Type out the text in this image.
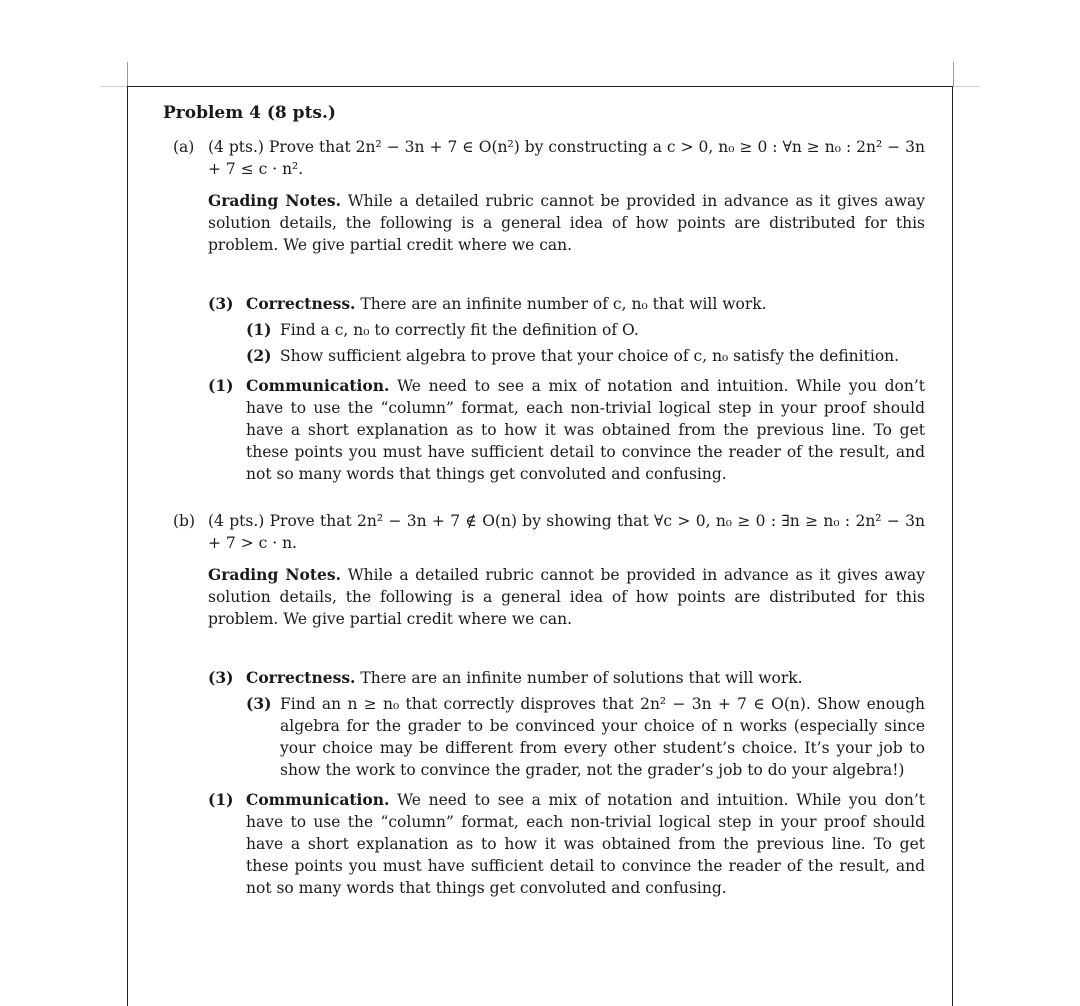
Problem 4 (8 pts.)
(a) (4 pts.) Prove that 2n² − 3n + 7 ∈ O(n²) by constructing a c > 0, n₀ ≥ 0 : ∀n ≥ n₀ : 2n² − 3n + 7 ≤ c · n².

Grading Notes. While a detailed rubric cannot be provided in advance as it gives away solution details, the following is a general idea of how points are distributed for this problem. We give partial credit where we can.

(3) Correctness. There are an infinite number of c, n₀ that will work.
(1) Find a c, n₀ to correctly fit the definition of O.
(2) Show sufficient algebra to prove that your choice of c, n₀ satisfy the definition.
(1) Communication. We need to see a mix of notation and intuition. While you don’t have to use the “column” format, each non-trivial logical step in your proof should have a short explanation as to how it was obtained from the previous line. To get these points you must have sufficient detail to convince the reader of the result, and not so many words that things get convoluted and confusing.
(b) (4 pts.) Prove that 2n² − 3n + 7 ∉ O(n) by showing that ∀c > 0, n₀ ≥ 0 : ∃n ≥ n₀ : 2n² − 3n + 7 > c · n.

Grading Notes. While a detailed rubric cannot be provided in advance as it gives away solution details, the following is a general idea of how points are distributed for this problem. We give partial credit where we can.

(3) Correctness. There are an infinite number of solutions that will work.
(3) Find an n ≥ n₀ that correctly disproves that 2n² − 3n + 7 ∈ O(n). Show enough algebra for the grader to be convinced your choice of n works (especially since your choice may be different from every other student’s choice. It’s your job to show the work to convince the grader, not the grader’s job to do your algebra!)
(1) Communication. We need to see a mix of notation and intuition. While you don’t have to use the “column” format, each non-trivial logical step in your proof should have a short explanation as to how it was obtained from the previous line. To get these points you must have sufficient detail to convince the reader of the result, and not so many words that things get convoluted and confusing.
